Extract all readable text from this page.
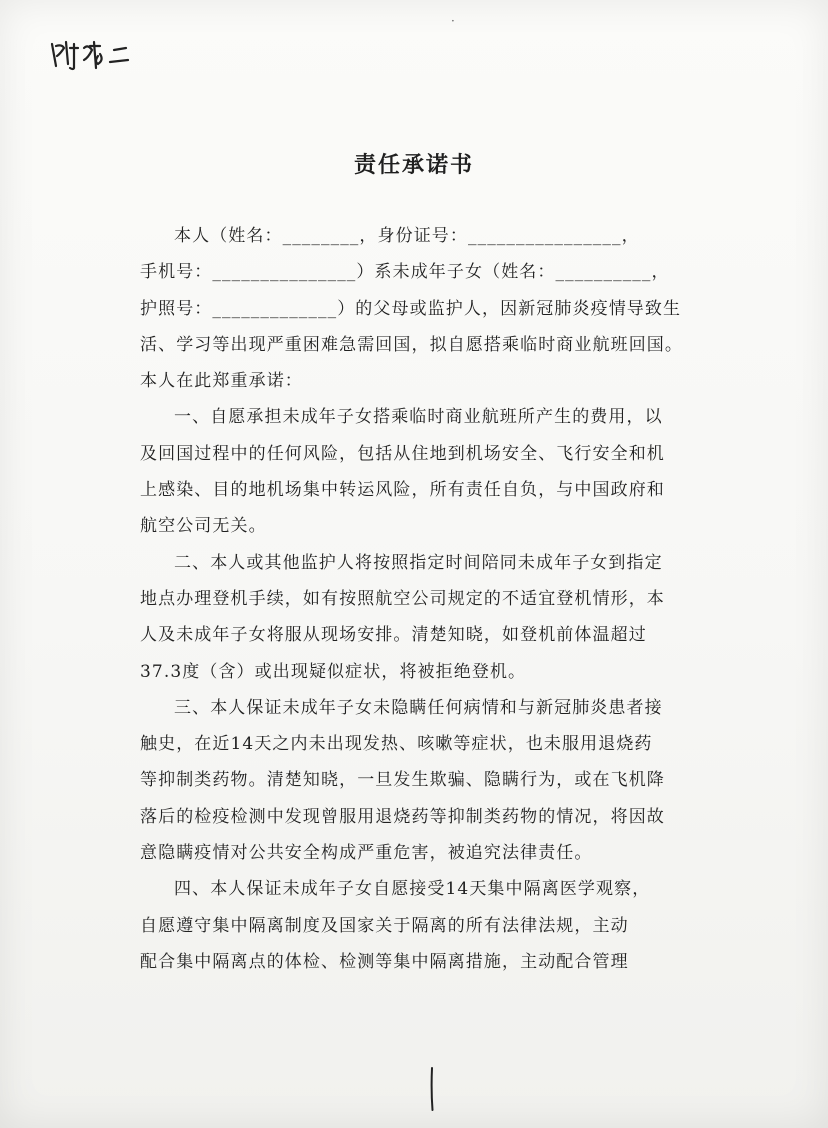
·
责任承诺书
本人（姓名：________，身份证号：________________，
手机号：_______________）系未成年子女（姓名：__________，
护照号：_____________）的父母或监护人，因新冠肺炎疫情导致生
活、学习等出现严重困难急需回国，拟自愿搭乘临时商业航班回国。
本人在此郑重承诺：
一、自愿承担未成年子女搭乘临时商业航班所产生的费用，以
及回国过程中的任何风险，包括从住地到机场安全、飞行安全和机
上感染、目的地机场集中转运风险，所有责任自负，与中国政府和
航空公司无关。
二、本人或其他监护人将按照指定时间陪同未成年子女到指定
地点办理登机手续，如有按照航空公司规定的不适宜登机情形，本
人及未成年子女将服从现场安排。清楚知晓，如登机前体温超过
37.3度（含）或出现疑似症状，将被拒绝登机。
三、本人保证未成年子女未隐瞒任何病情和与新冠肺炎患者接
触史，在近14天之内未出现发热、咳嗽等症状，也未服用退烧药
等抑制类药物。清楚知晓，一旦发生欺骗、隐瞒行为，或在飞机降
落后的检疫检测中发现曾服用退烧药等抑制类药物的情况，将因故
意隐瞒疫情对公共安全构成严重危害，被追究法律责任。
四、本人保证未成年子女自愿接受14天集中隔离医学观察，
自愿遵守集中隔离制度及国家关于隔离的所有法律法规，主动
配合集中隔离点的体检、检测等集中隔离措施，主动配合管理
